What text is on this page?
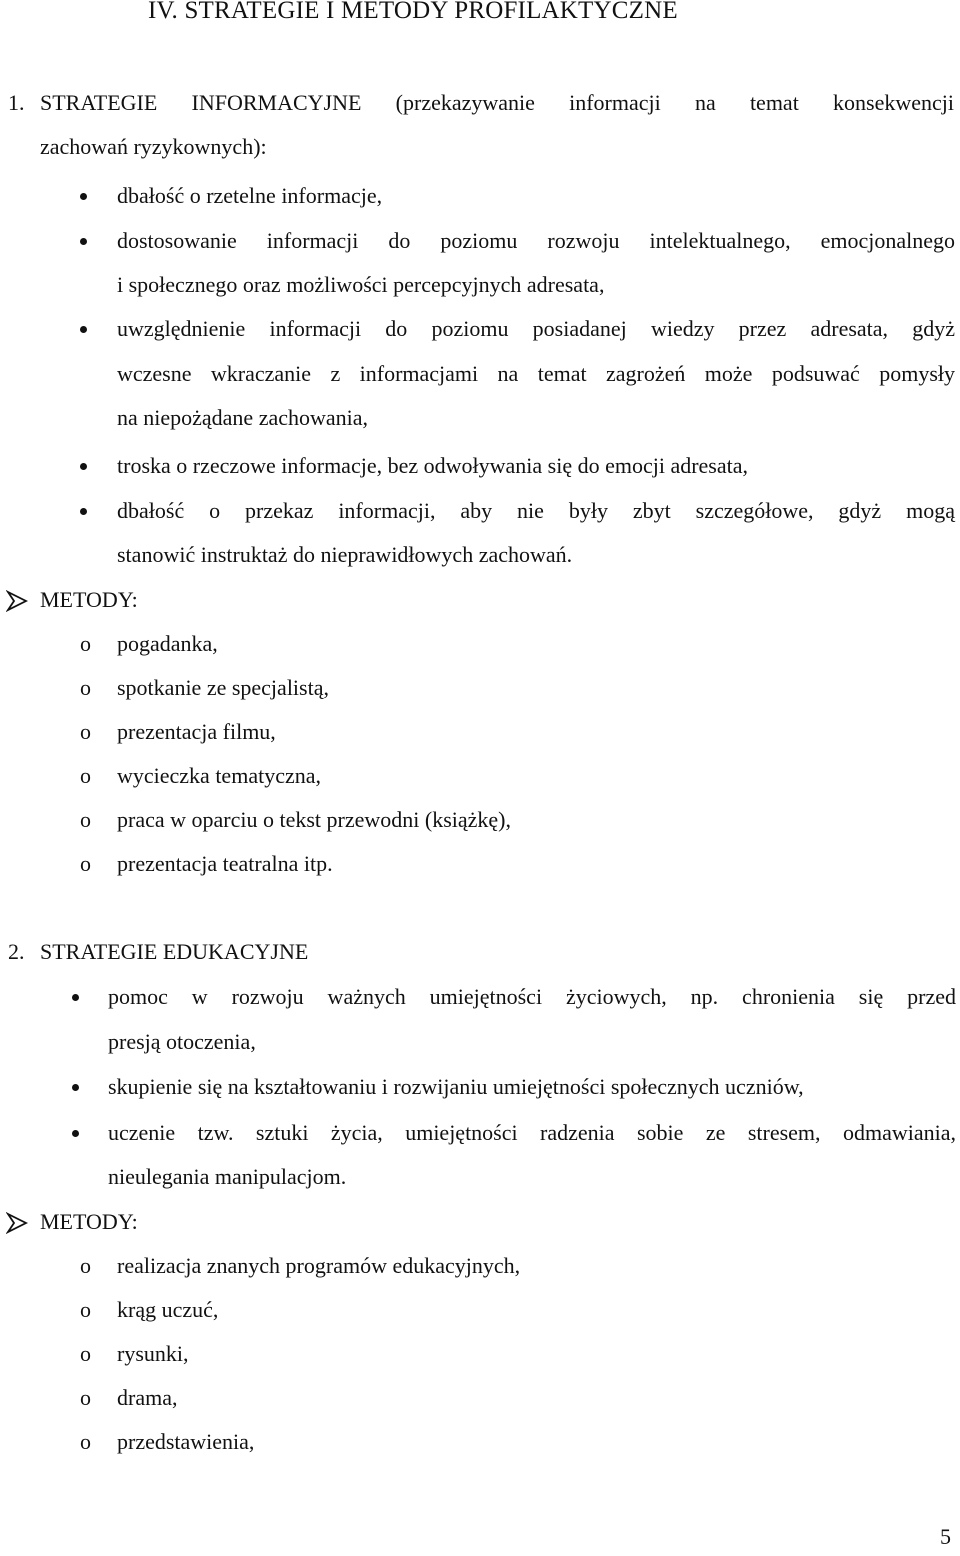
IV. STRATEGIE I METODY PROFILAKTYCZNE
1. STRATEGIE INFORMACYJNE (przekazywanie informacji na temat konsekwencji
zachowań ryzykownych):
dbałość o rzetelne informacje,
dostosowanie informacji do poziomu rozwoju intelektualnego, emocjonalnego
i społecznego oraz możliwości percepcyjnych adresata,
uwzględnienie informacji do poziomu posiadanej wiedzy przez adresata, gdyż
wczesne wkraczanie z informacjami na temat zagrożeń może podsuwać pomysły
na niepożądane zachowania,
troska o rzeczowe informacje, bez odwoływania się do emocji adresata,
dbałość o przekaz informacji, aby nie były zbyt szczegółowe, gdyż mogą
stanowić instruktaż do nieprawidłowych zachowań.
METODY:
o pogadanka,
o spotkanie ze specjalistą,
o prezentacja filmu,
o wycieczka tematyczna,
o praca w oparciu o tekst przewodni (książkę),
o prezentacja teatralna itp.
2. STRATEGIE EDUKACYJNE
pomoc w rozwoju ważnych umiejętności życiowych, np. chronienia się przed
presją otoczenia,
skupienie się na kształtowaniu i rozwijaniu umiejętności społecznych uczniów,
uczenie tzw. sztuki życia, umiejętności radzenia sobie ze stresem, odmawiania,
nieulegania manipulacjom.
METODY:
o realizacja znanych programów edukacyjnych,
o krąg uczuć,
o rysunki,
o drama,
o przedstawienia,
5
